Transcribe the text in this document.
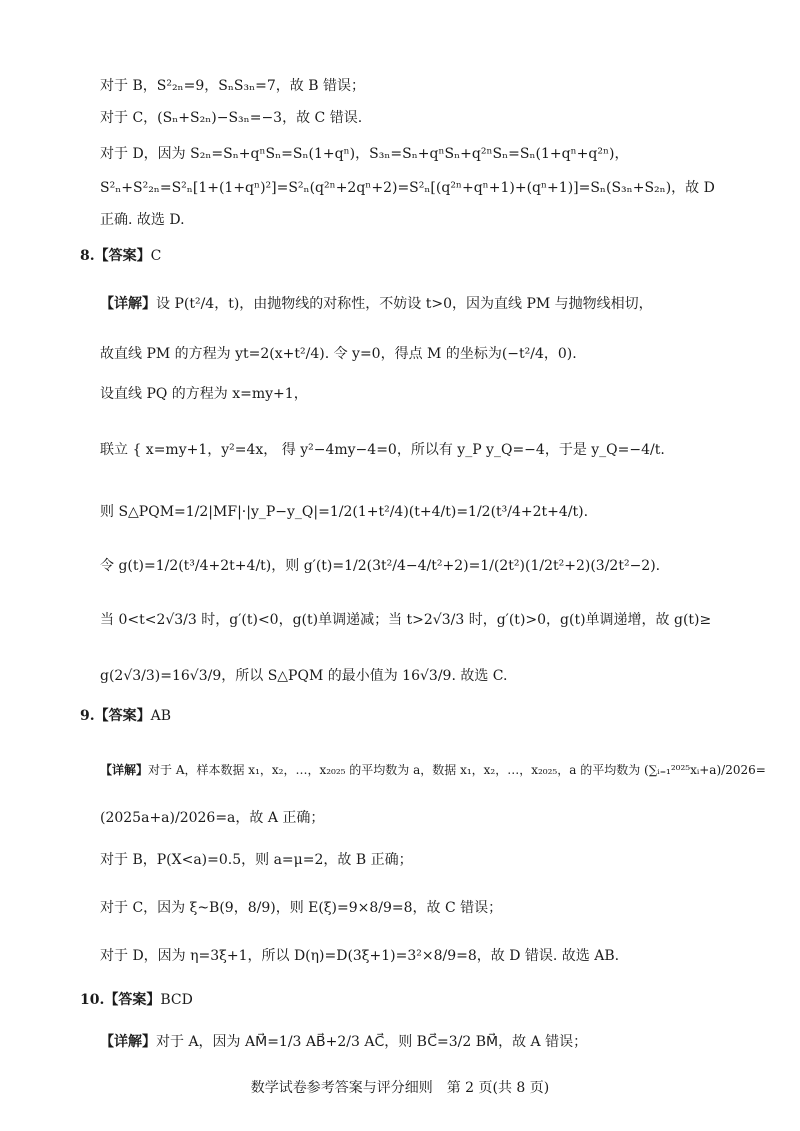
对于 B，S²₂ₙ=9，SₙS₃ₙ=7，故 B 错误；
对于 C，(Sₙ+S₂ₙ)−S₃ₙ=−3，故 C 错误.
对于 D，因为 S₂ₙ=Sₙ+qⁿSₙ=Sₙ(1+qⁿ)，S₃ₙ=Sₙ+qⁿSₙ+q²ⁿSₙ=Sₙ(1+qⁿ+q²ⁿ)，
S²ₙ+S²₂ₙ=S²ₙ[1+(1+qⁿ)²]=S²ₙ(q²ⁿ+2qⁿ+2)=S²ₙ[(q²ⁿ+qⁿ+1)+(qⁿ+1)]=Sₙ(S₃ₙ+S₂ₙ)，故 D
正确. 故选 D.
8.【答案】C
【详解】设 P(t²/4，t)，由抛物线的对称性，不妨设 t>0，因为直线 PM 与抛物线相切，
故直线 PM 的方程为 yt=2(x+t²/4). 令 y=0，得点 M 的坐标为(−t²/4，0).
设直线 PQ 的方程为 x=my+1，
联立 { x=my+1，y²=4x， 得 y²−4my−4=0，所以有 y_P y_Q=−4，于是 y_Q=−4/t.
则 S△PQM=1/2|MF|·|y_P−y_Q|=1/2(1+t²/4)(t+4/t)=1/2(t³/4+2t+4/t).
令 g(t)=1/2(t³/4+2t+4/t)，则 g′(t)=1/2(3t²/4−4/t²+2)=1/(2t²)(1/2t²+2)(3/2t²−2).
当 0<t<2√3/3 时，g′(t)<0，g(t)单调递减；当 t>2√3/3 时，g′(t)>0，g(t)单调递增，故 g(t)≥
g(2√3/3)=16√3/9，所以 S△PQM 的最小值为 16√3/9. 故选 C.
9.【答案】AB
【详解】对于 A，样本数据 x₁，x₂，…，x₂₀₂₅ 的平均数为 a，数据 x₁，x₂，…，x₂₀₂₅，a 的平均数为 (∑ᵢ₌₁²⁰²⁵xᵢ+a)/2026=
(2025a+a)/2026=a，故 A 正确；
对于 B，P(X<a)=0.5，则 a=μ=2，故 B 正确；
对于 C，因为 ξ~B(9，8/9)，则 E(ξ)=9×8/9=8，故 C 错误；
对于 D，因为 η=3ξ+1，所以 D(η)=D(3ξ+1)=3²×8/9=8，故 D 错误. 故选 AB.
10.【答案】BCD
【详解】对于 A，因为 AM⃗=1/3 AB⃗+2/3 AC⃗，则 BC⃗=3/2 BM⃗，故 A 错误；
数学试卷参考答案与评分细则　第 2 页(共 8 页)
